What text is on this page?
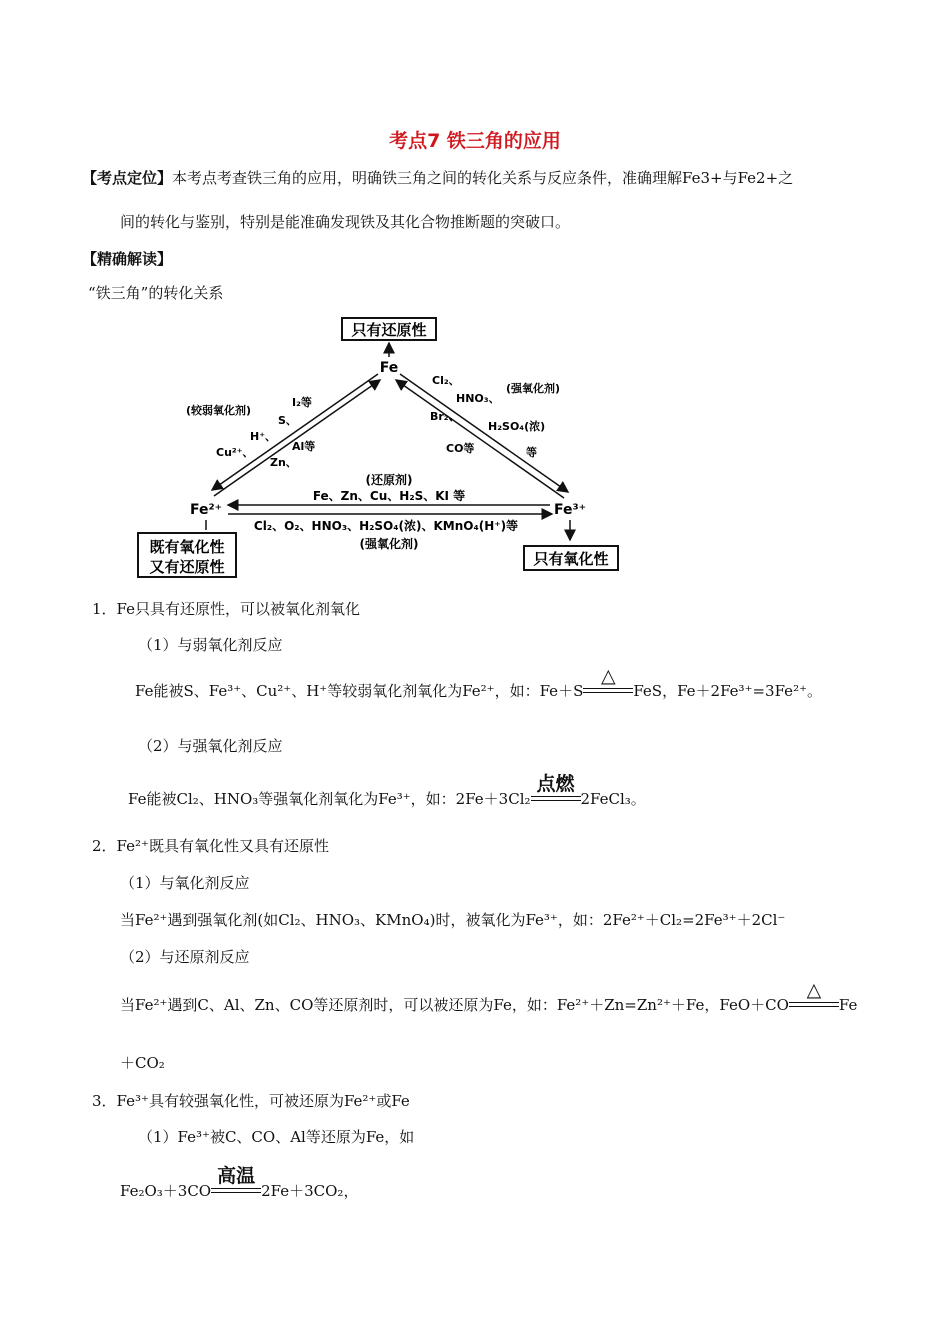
考点7 铁三角的应用
【考点定位】本考点考查铁三角的应用，明确铁三角之间的转化关系与反应条件，准确理解Fe3+与Fe2+之
间的转化与鉴别，特别是能准确发现铁及其化合物推断题的突破口。
【精确解读】
“铁三角”的转化关系
只有还原性
Fe
Fe²⁺	Fe³⁺
既有氧化性
又有还原性	只有氧化性
(较弱氧化剂)
I₂等
S、
H⁺、
Cu²⁺、	Al等
Zn、
Cl₂、
HNO₃、
(强氧化剂)
Br₂、
H₂SO₄(浓)
CO等	等
(还原剂)
Fe、Zn、Cu、H₂S、KI 等
Cl₂、O₂、HNO₃、H₂SO₄(浓)、KMnO₄(H⁺)等
(强氧化剂)
1．Fe只具有还原性，可以被氧化剂氧化
（1）与弱氧化剂反应
Fe能被S、Fe³⁺、Cu²⁺、H⁺等较弱氧化剂氧化为Fe²⁺，如：Fe＋S
△
FeS，Fe＋2Fe³⁺=3Fe²⁺。
（2）与强氧化剂反应
Fe能被Cl₂、HNO₃等强氧化剂氧化为Fe³⁺，如：2Fe＋3Cl₂
点燃
2FeCl₃。
2．Fe²⁺既具有氧化性又具有还原性
（1）与氧化剂反应
当Fe²⁺遇到强氧化剂(如Cl₂、HNO₃、KMnO₄)时，被氧化为Fe³⁺，如：2Fe²⁺＋Cl₂=2Fe³⁺＋2Cl⁻
（2）与还原剂反应
当Fe²⁺遇到C、Al、Zn、CO等还原剂时，可以被还原为Fe，如：Fe²⁺＋Zn=Zn²⁺＋Fe，FeO＋CO
△
Fe
＋CO₂
3．Fe³⁺具有较强氧化性，可被还原为Fe²⁺或Fe
（1）Fe³⁺被C、CO、Al等还原为Fe，如
Fe₂O₃＋3CO
高温
2Fe＋3CO₂，
